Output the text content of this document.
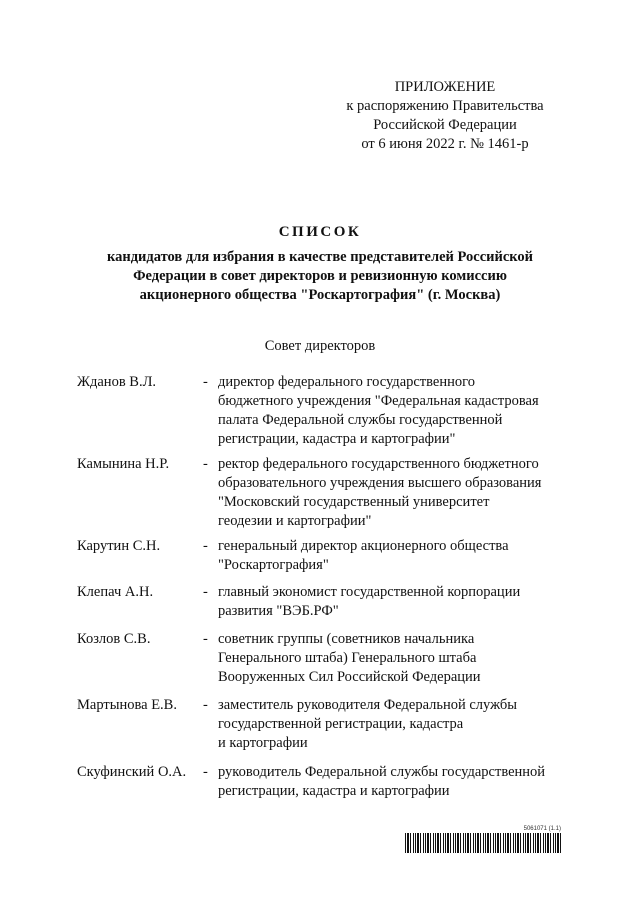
ПРИЛОЖЕНИЕ
к распоряжению Правительства
Российской Федерации
от 6 июня 2022 г. № 1461-р
СПИСОК
кандидатов для избрания в качестве представителей Российской
Федерации в совет директоров и ревизионную комиссию
акционерного общества "Роскартография" (г. Москва)
Совет директоров
Жданов В.Л.	- директор федерального государственного
бюджетного учреждения "Федеральная кадастровая
палата Федеральной службы государственной
регистрации, кадастра и картографии"
Камынина Н.Р. - ректор федерального государственного бюджетного
образовательного учреждения высшего образования
"Московский государственный университет
геодезии и картографии"
Карутин С.Н.	- генеральный директор акционерного общества
"Роскартография"
Клепач А.Н.	- главный экономист государственной корпорации
развития "ВЭБ.РФ"
Козлов С.В.	- советник группы (советников начальника
Генерального штаба) Генерального штаба
Вооруженных Сил Российской Федерации
Мартынова Е.В. - заместитель руководителя Федеральной службы
государственной регистрации, кадастра
и картографии
Скуфинский О.А. - руководитель Федеральной службы государственной
регистрации, кадастра и картографии
5061071 (1.1)
